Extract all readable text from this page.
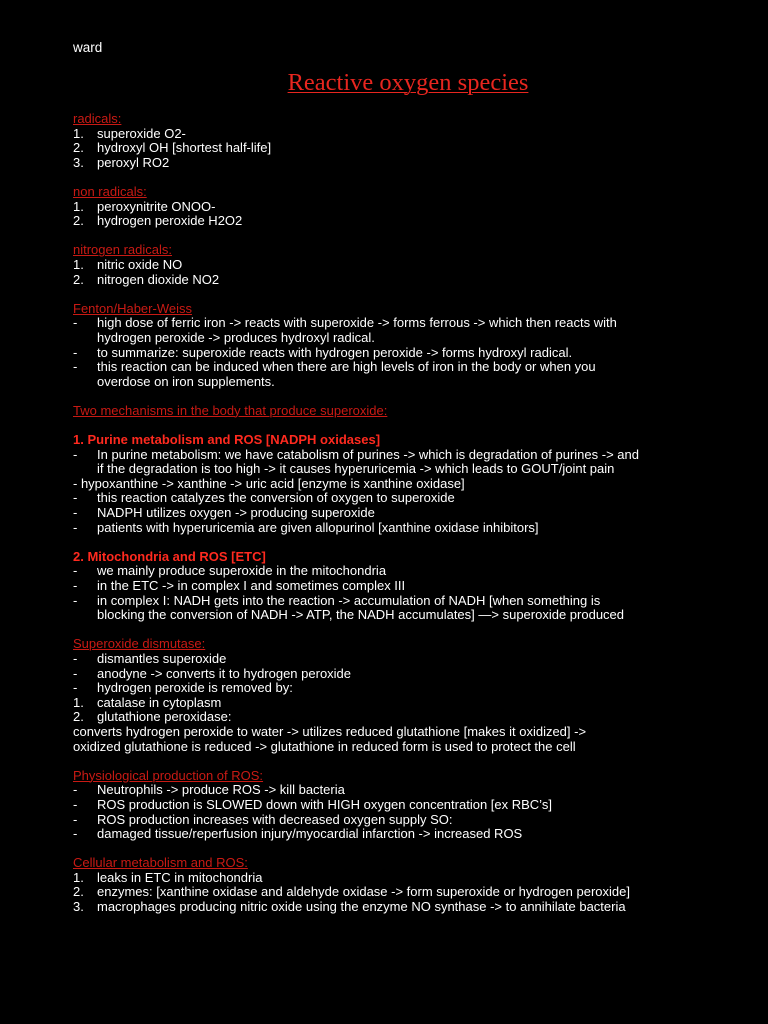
ward
Reactive oxygen species
radicals:
1.	superoxide O2-
2.	hydroxyl OH [shortest half-life]
3.	peroxyl RO2
non radicals:
1.	peroxynitrite ONOO-
2.	hydrogen peroxide H2O2
nitrogen radicals:
1.	nitric oxide NO
2.	nitrogen dioxide NO2
Fenton/Haber-Weiss
-	high dose of ferric iron -> reacts with superoxide -> forms ferrous -> which then reacts with
hydrogen peroxide -> produces hydroxyl radical.
-	to summarize: superoxide reacts with hydrogen peroxide -> forms hydroxyl radical.
-	this reaction can be induced when there are high levels of iron in the body or when you
overdose on iron supplements.
Two mechanisms in the body that produce superoxide:
1. Purine metabolism and ROS [NADPH oxidases]
-	In purine metabolism: we have catabolism of purines -> which is degradation of purines -> and
if the degradation is too high -> it causes hyperuricemia -> which leads to GOUT/joint pain
- hypoxanthine -> xanthine -> uric acid [enzyme is xanthine oxidase]
-	this reaction catalyzes the conversion of oxygen to superoxide
-	NADPH utilizes oxygen -> producing superoxide
-	patients with hyperuricemia are given allopurinol [xanthine oxidase inhibitors]
2. Mitochondria and ROS [ETC]
-	we mainly produce superoxide in the mitochondria
-	in the ETC -> in complex I and sometimes complex III
-	in complex I: NADH gets into the reaction -> accumulation of NADH [when something is
blocking the conversion of NADH -> ATP, the NADH accumulates] —> superoxide produced
Superoxide dismutase:
-	dismantles superoxide
-	anodyne -> converts it to hydrogen peroxide
-	hydrogen peroxide is removed by:
1.	catalase in cytoplasm
2.	glutathione peroxidase:
converts hydrogen peroxide to water -> utilizes reduced glutathione [makes it oxidized] ->
oxidized glutathione is reduced -> glutathione in reduced form is used to protect the cell
Physiological production of ROS:
-	Neutrophils -> produce ROS -> kill bacteria
-	ROS production is SLOWED down with HIGH oxygen concentration [ex RBC’s]
-	ROS production increases with decreased oxygen supply SO:
-	damaged tissue/reperfusion injury/myocardial infarction -> increased ROS
Cellular metabolism and ROS:
1.	leaks in ETC in mitochondria
2.	enzymes: [xanthine oxidase and aldehyde oxidase -> form superoxide or hydrogen peroxide]
3.	macrophages producing nitric oxide using the enzyme NO synthase -> to annihilate bacteria
